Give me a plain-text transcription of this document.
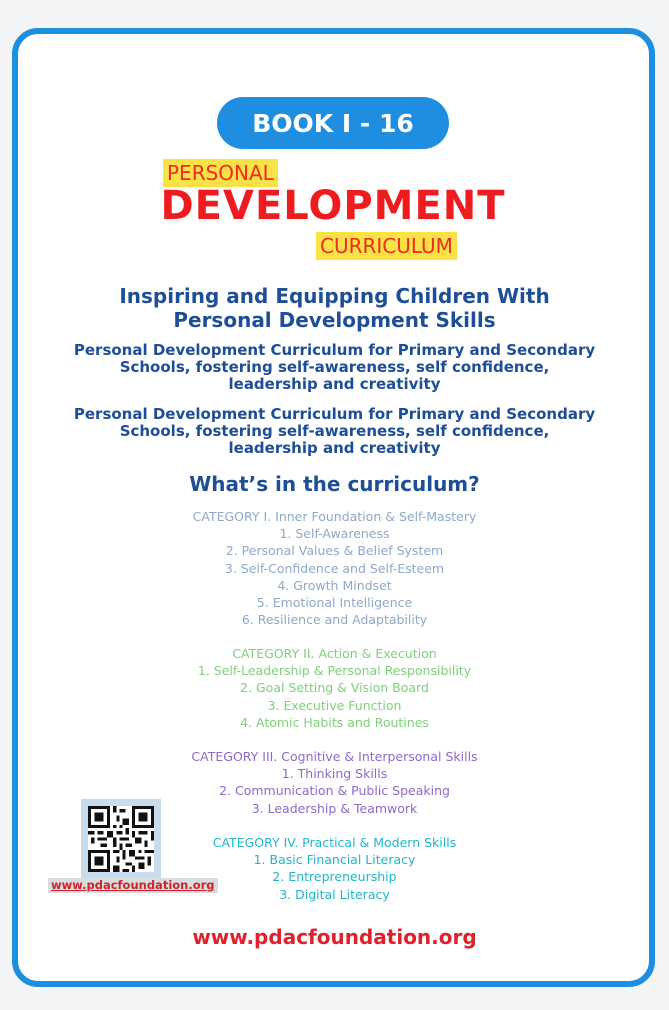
BOOK I - 16
PERSONAL
DEVELOPMENT
CURRICULUM
Inspiring and Equipping Children With
Personal Development Skills
Personal Development Curriculum for Primary and Secondary
Schools, fostering self-awareness, self confidence,
leadership and creativity
Personal Development Curriculum for Primary and Secondary
Schools, fostering self-awareness, self confidence,
leadership and creativity
What’s in the curriculum?
CATEGORY I. Inner Foundation & Self-Mastery
1. Self-Awareness
2. Personal Values & Belief System
3. Self-Confidence and Self-Esteem
4. Growth Mindset
5. Emotional Intelligence
6. Resilience and Adaptability
CATEGORY II. Action & Execution
1. Self-Leadership & Personal Responsibility
2. Goal Setting & Vision Board
3. Executive Function
4. Atomic Habits and Routines
CATEGORY III. Cognitive & Interpersonal Skills
1. Thinking Skills
2. Communication & Public Speaking
3. Leadership & Teamwork
CATEGORY IV. Practical & Modern Skills
1. Basic Financial Literacy
2. Entrepreneurship
3. Digital Literacy
www.pdacfoundation.org
www.pdacfoundation.org
